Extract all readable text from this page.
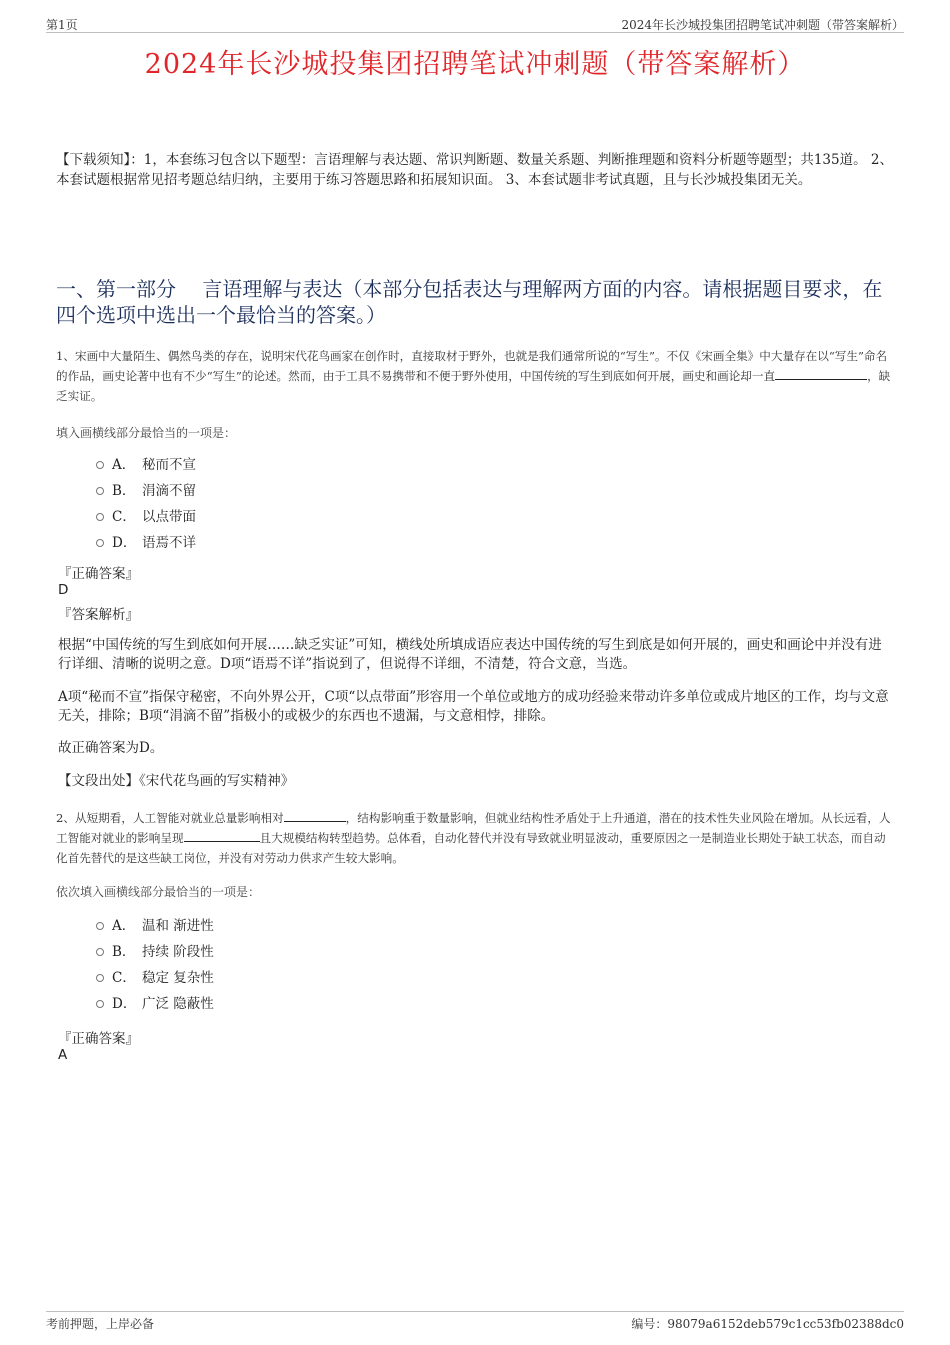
第1页	2024年长沙城投集团招聘笔试冲刺题（带答案解析）
2024年长沙城投集团招聘笔试冲刺题（带答案解析）
【下载须知】：1，本套练习包含以下题型：言语理解与表达题、常识判断题、数量关系题、判断推理题和资料分析题等题型；共135道。 2、本套试题根据常见招考题总结归纳，主要用于练习答题思路和拓展知识面。 3、本套试题非考试真题，且与长沙城投集团无关。
一、第一部分　 言语理解与表达（本部分包括表达与理解两方面的内容。请根据题目要求，在四个选项中选出一个最恰当的答案。）
1、宋画中大量陌生、偶然鸟类的存在，说明宋代花鸟画家在创作时，直接取材于野外，也就是我们通常所说的“写生”。不仅《宋画全集》中大量存在以“写生”命名的作品，画史论著中也有不少“写生”的论述。然而，由于工具不易携带和不便于野外使用，中国传统的写生到底如何开展，画史和画论却一直	，缺乏实证。
填入画横线部分最恰当的一项是：
A． 秘而不宣
B． 涓滴不留
C． 以点带面
D． 语焉不详
『正确答案』
D
『答案解析』
根据“中国传统的写生到底如何开展……缺乏实证”可知，横线处所填成语应表达中国传统的写生到底是如何开展的，画史和画论中并没有进行详细、清晰的说明之意。D项“语焉不详”指说到了，但说得不详细，不清楚，符合文意，当选。
A项“秘而不宣”指保守秘密，不向外界公开，C项“以点带面”形容用一个单位或地方的成功经验来带动许多单位或成片地区的工作，均与文意无关，排除；B项“涓滴不留”指极小的或极少的东西也不遗漏，与文意相悖，排除。
故正确答案为D。
【文段出处】《宋代花鸟画的写实精神》
2、从短期看，人工智能对就业总量影响相对	，结构影响重于数量影响，但就业结构性矛盾处于上升通道，潜在的技术性失业风险在增加。从长远看，人工智能对就业的影响呈现	且大规模结构转型趋势。总体看，自动化替代并没有导致就业明显波动，重要原因之一是制造业长期处于缺工状态，而自动化首先替代的是这些缺工岗位，并没有对劳动力供求产生较大影响。
依次填入画横线部分最恰当的一项是：
A． 温和 渐进性
B． 持续 阶段性
C． 稳定 复杂性
D． 广泛 隐蔽性
『正确答案』
A
考前押题，上岸必备	编号：98079a6152deb579c1cc53fb02388dc0
